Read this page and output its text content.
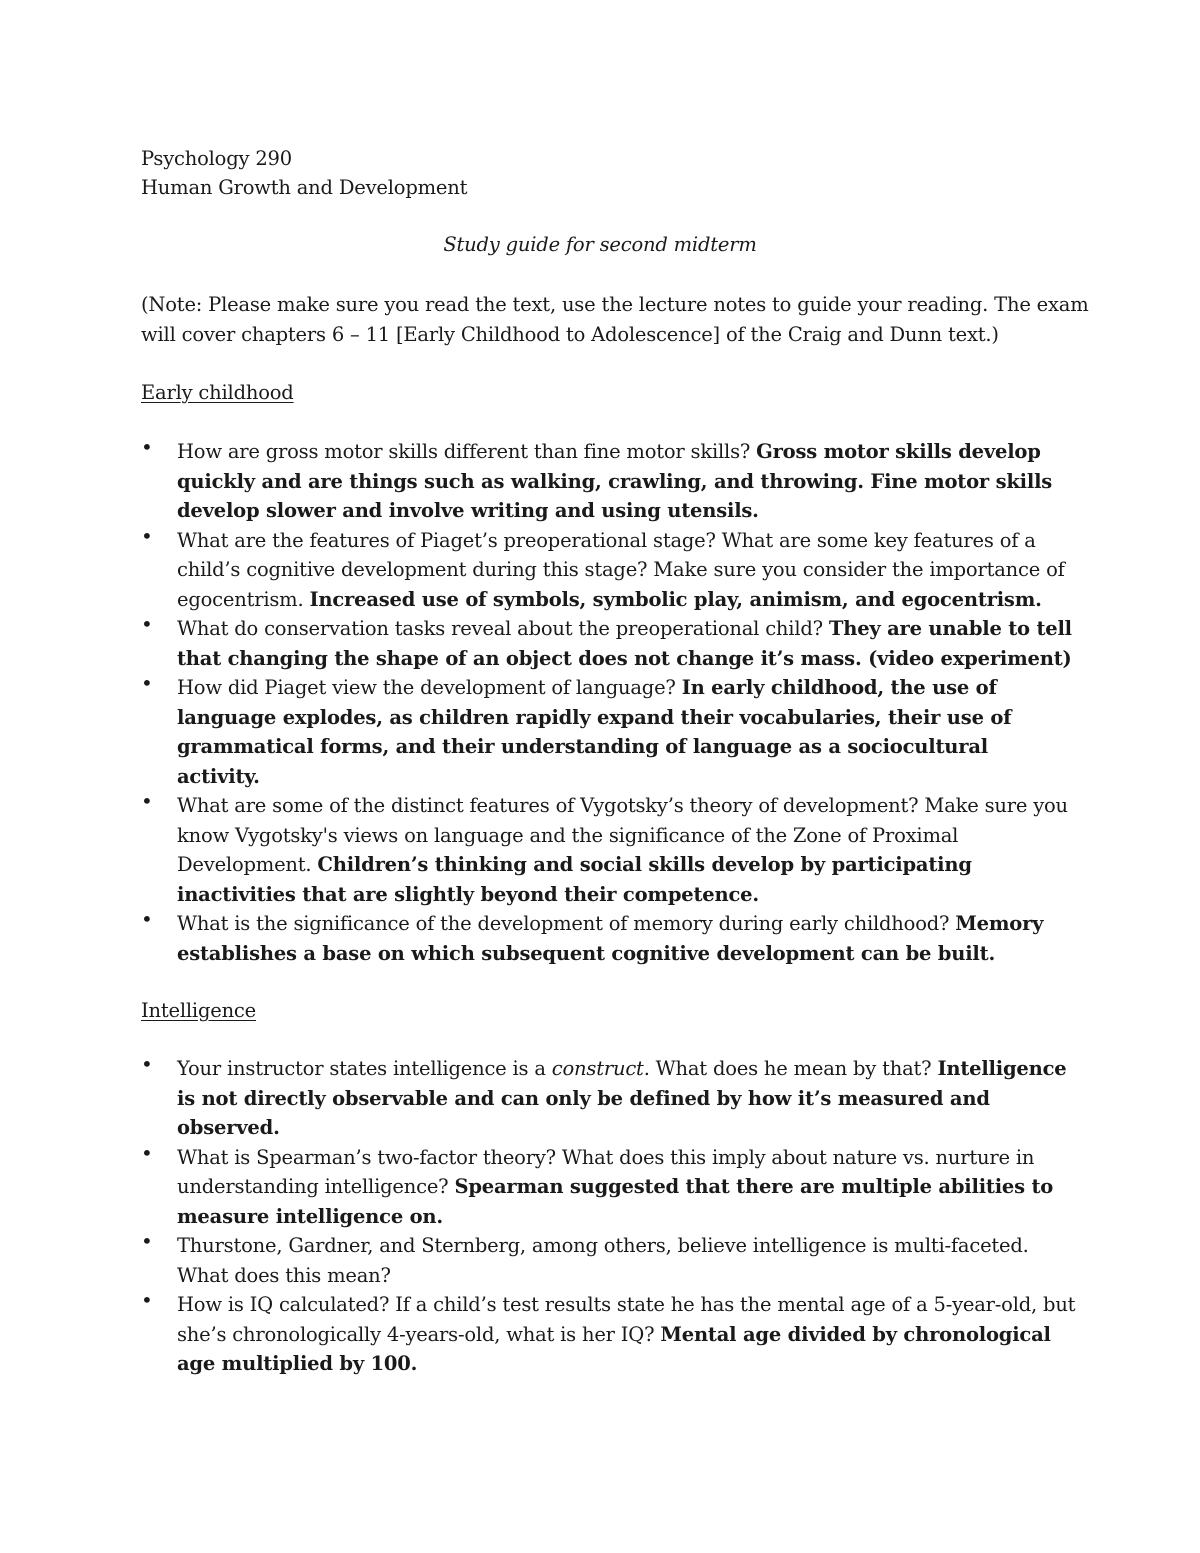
Psychology 290
Human Growth and Development
Study guide for second midterm
(Note: Please make sure you read the text, use the lecture notes to guide your reading. The exam
will cover chapters 6 – 11 [Early Childhood to Adolescence] of the Craig and Dunn text.)
Early childhood
• How are gross motor skills different than fine motor skills? Gross motor skills develop quickly and are things such as walking, crawling, and throwing. Fine motor skills develop slower and involve writing and using utensils.
• What are the features of Piaget’s preoperational stage? What are some key features of a child’s cognitive development during this stage? Make sure you consider the importance of egocentrism. Increased use of symbols, symbolic play, animism, and egocentrism.
• What do conservation tasks reveal about the preoperational child? They are unable to tell that changing the shape of an object does not change it’s mass. (video experiment)
• How did Piaget view the development of language? In early childhood, the use of language explodes, as children rapidly expand their vocabularies, their use of grammatical forms, and their understanding of language as a sociocultural activity.
• What are some of the distinct features of Vygotsky’s theory of development? Make sure you know Vygotsky's views on language and the significance of the Zone of Proximal Development. Children’s thinking and social skills develop by participating inactivities that are slightly beyond their competence.
• What is the significance of the development of memory during early childhood? Memory establishes a base on which subsequent cognitive development can be built.
Intelligence
• Your instructor states intelligence is a construct. What does he mean by that? Intelligence is not directly observable and can only be defined by how it’s measured and observed.
• What is Spearman’s two-factor theory? What does this imply about nature vs. nurture in understanding intelligence? Spearman suggested that there are multiple abilities to measure intelligence on.
• Thurstone, Gardner, and Sternberg, among others, believe intelligence is multi-faceted. What does this mean?
• How is IQ calculated? If a child’s test results state he has the mental age of a 5-year-old, but she’s chronologically 4-years-old, what is her IQ? Mental age divided by chronological age multiplied by 100.
